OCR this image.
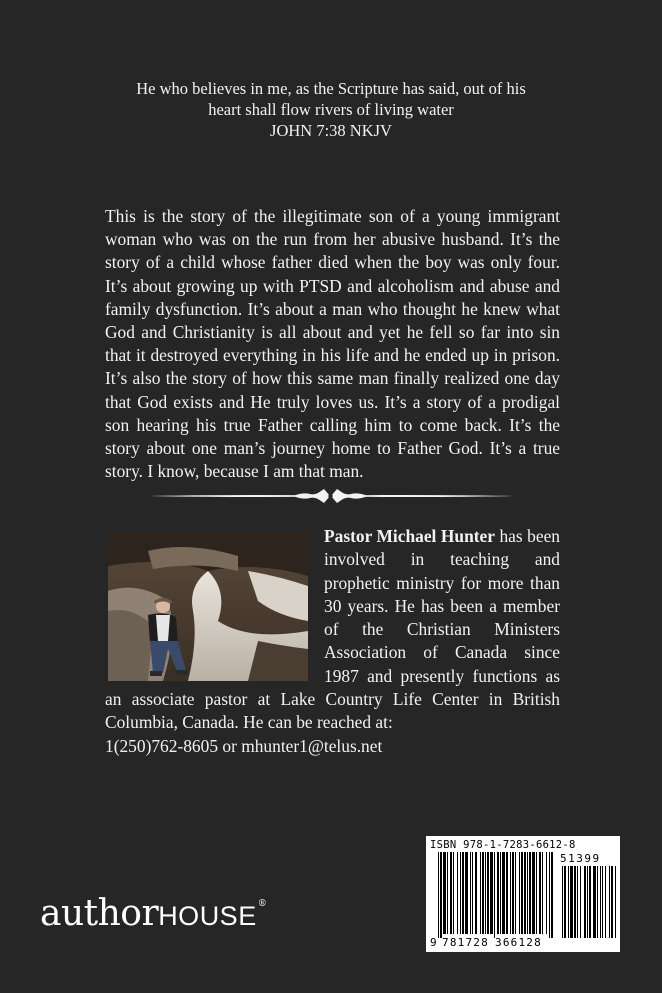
He who believes in me, as the Scripture has said, out of his
heart shall flow rivers of living water
JOHN 7:38 NKJV
This is the story of the illegitimate son of a young immigrant woman who was on the run from her abusive husband. It’s the story of a child whose father died when the boy was only four. It’s about growing up with PTSD and alcoholism and abuse and family dysfunction. It’s about a man who thought he knew what God and Christianity is all about and yet he fell so far into sin that it destroyed everything in his life and he ended up in prison. It’s also the story of how this same man finally realized one day that God exists and He truly loves us. It’s a story of a prodigal son hearing his true Father calling him to come back. It’s the story about one man’s journey home to Father God. It’s a true story. I know, because I am that man.
Pastor Michael Hunter has been involved in teaching and prophetic ministry for more than 30 years. He has been a member of the Christian Ministers Association of Canada since 1987 and presently functions as an associate pastor at Lake Country Life Center in British Columbia, Canada. He can be reached at:
1(250)762-8605 or mhunter1@telus.net
authorHOUSE®
ISBN 978-1-7283-6612-8
9 781728 366128
51399
